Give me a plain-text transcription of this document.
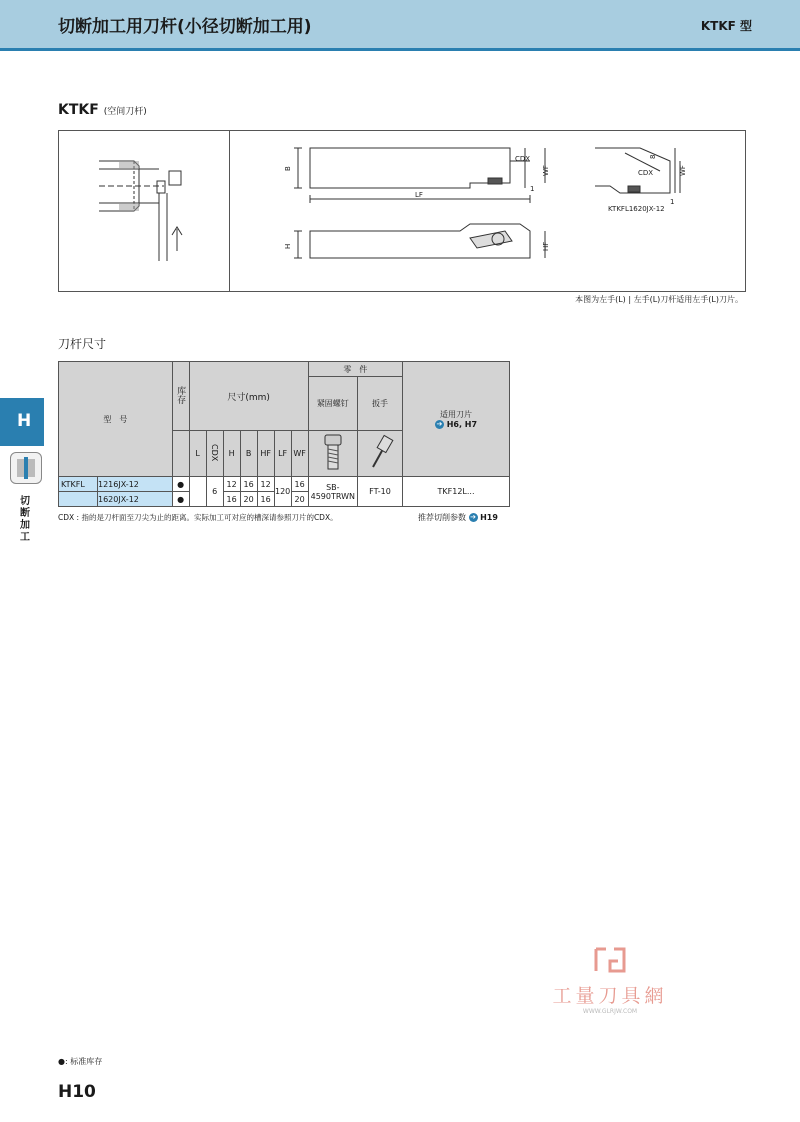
切断加工用刀杆(小径切断加工用)	KTKF 型
KTKF (空间刀杆)
B
CDX
WF
LF
1
H	HF
8
CDX	WF
1
KTKFL1620JX-12
本图为左手(L) | 左手(L)刀杆适用左手(L)刀片。
刀杆尺寸
H
切断加工
型　号		库存	尺寸(mm)							零　件		适用刀片
➔ H6, H7

										紧固螺钉	扳手	
			L	CDX	H	B	HF	LF	WF		
KTKFL	1216JX-12	●		6	12	16	12	120	16	SB-4590TRWN	FT-10	TKF12L...
	1620JX-12	●			16	20	16		20			
CDX : 指的是刀杆面至刀尖为止的距离。实际加工可对应的槽深请参照刀片的CDX。	推荐切削参数 ➔ H19
工量刀具網
WWW.GLRJW.COM
●: 标准库存
H10
